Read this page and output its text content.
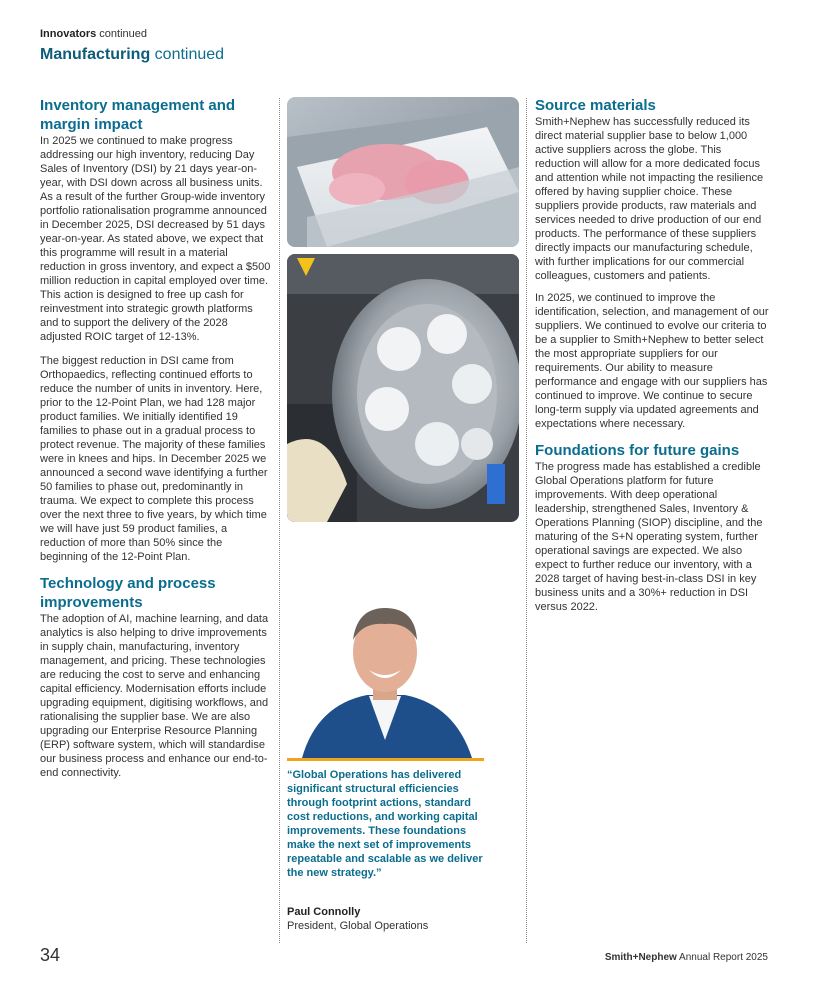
Innovators continued
Manufacturing continued
Inventory management and margin impact

In 2025 we continued to make progress addressing our high inventory, reducing Day Sales of Inventory (DSI) by 21 days year-on-year, with DSI down across all business units. As a result of the further Group-wide inventory portfolio rationalisation programme announced in December 2025, DSI decreased by 51 days year-on-year. As stated above, we expect that this programme will result in a material reduction in gross inventory, and expect a $500 million reduction in capital employed over time. This action is designed to free up cash for reinvestment into strategic growth platforms and to support the delivery of the 2028 adjusted ROIC target of 12-13%.

The biggest reduction in DSI came from Orthopaedics, reflecting continued efforts to reduce the number of units in inventory. Here, prior to the 12-Point Plan, we had 128 major product families. We initially identified 19 families to phase out in a gradual process to protect revenue. The majority of these families were in knees and hips. In December 2025 we announced a second wave identifying a further 50 families to phase out, predominantly in trauma. We expect to complete this process over the next three to five years, by which time we will have just 59 product families, a reduction of more than 50% since the beginning of the 12-Point Plan.

Technology and process improvements

The adoption of AI, machine learning, and data analytics is also helping to drive improvements in supply chain, manufacturing, inventory management, and pricing. These technologies are reducing the cost to serve and enhancing capital efficiency. Modernisation efforts include upgrading equipment, digitising workflows, and rationalising the supplier base. We are also upgrading our Enterprise Resource Planning (ERP) software system, which will standardise our business process and enhance our end-to-end connectivity.	“Global Operations has delivered significant structural efficiencies through footprint actions, standard cost reductions, and working capital improvements. These foundations make the next set of improvements repeatable and scalable as we deliver the new strategy.”
Paul Connolly
President, Global Operations
Source materials

Smith+Nephew has successfully reduced its direct material supplier base to below 1,000 active suppliers across the globe. This reduction will allow for a more dedicated focus and attention while not impacting the resilience offered by having supplier choice. These suppliers provide products, raw materials and services needed to drive production of our end products. The performance of these suppliers directly impacts our manufacturing schedule, with further implications for our commercial colleagues, customers and patients.

In 2025, we continued to improve the identification, selection, and management of our suppliers. We continued to evolve our criteria to be a supplier to Smith+Nephew to better select the most appropriate suppliers for our requirements. Our ability to measure performance and engage with our suppliers has continued to improve. We continue to secure long-term supply via updated agreements and expectations where necessary.

Foundations for future gains

The progress made has established a credible Global Operations platform for future improvements. With deep operational leadership, strengthened Sales, Inventory & Operations Planning (SIOP) discipline, and the maturing of the S+N operating system, further operational savings are expected. We also expect to further reduce our inventory, with a 2028 target of having best-in-class DSI in key business units and a 30%+ reduction in DSI versus 2022.

34	Smith+Nephew Annual Report 2025
